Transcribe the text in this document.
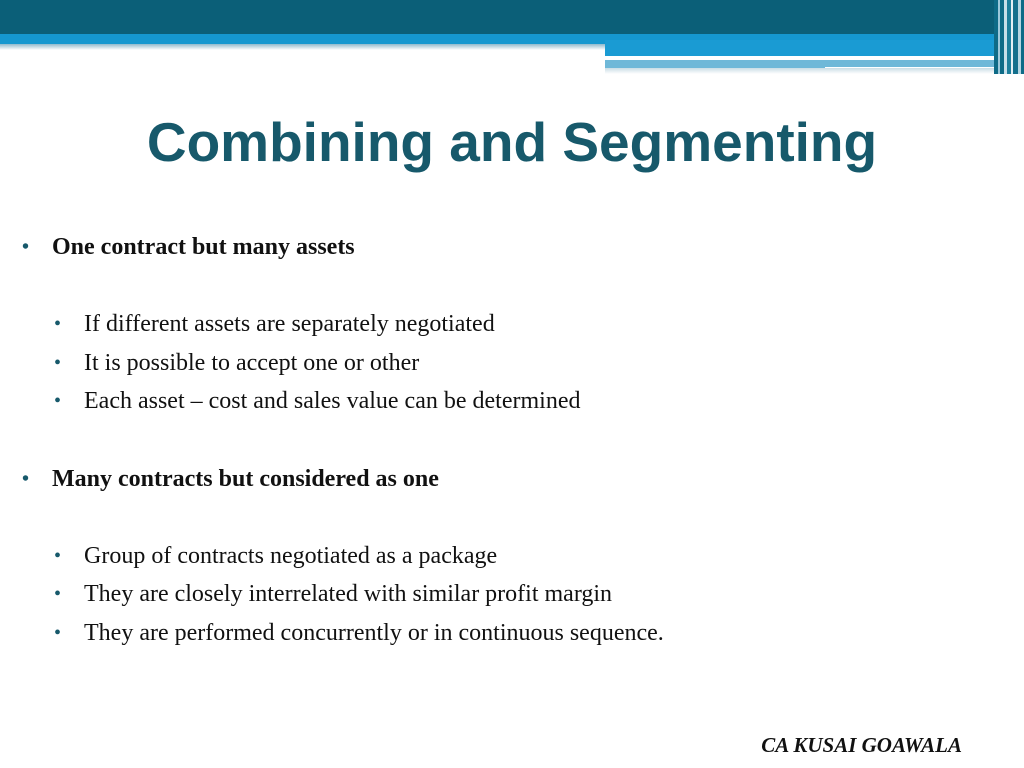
Combining and Segmenting
• One contract but many assets
• If different assets are separately negotiated
• It is possible to accept one or other
• Each asset – cost and sales value can be determined
• Many contracts but considered as one
• Group of contracts negotiated as a package
• They are closely interrelated with similar profit margin
• They are performed concurrently or in continuous sequence.
CA KUSAI GOAWALA
